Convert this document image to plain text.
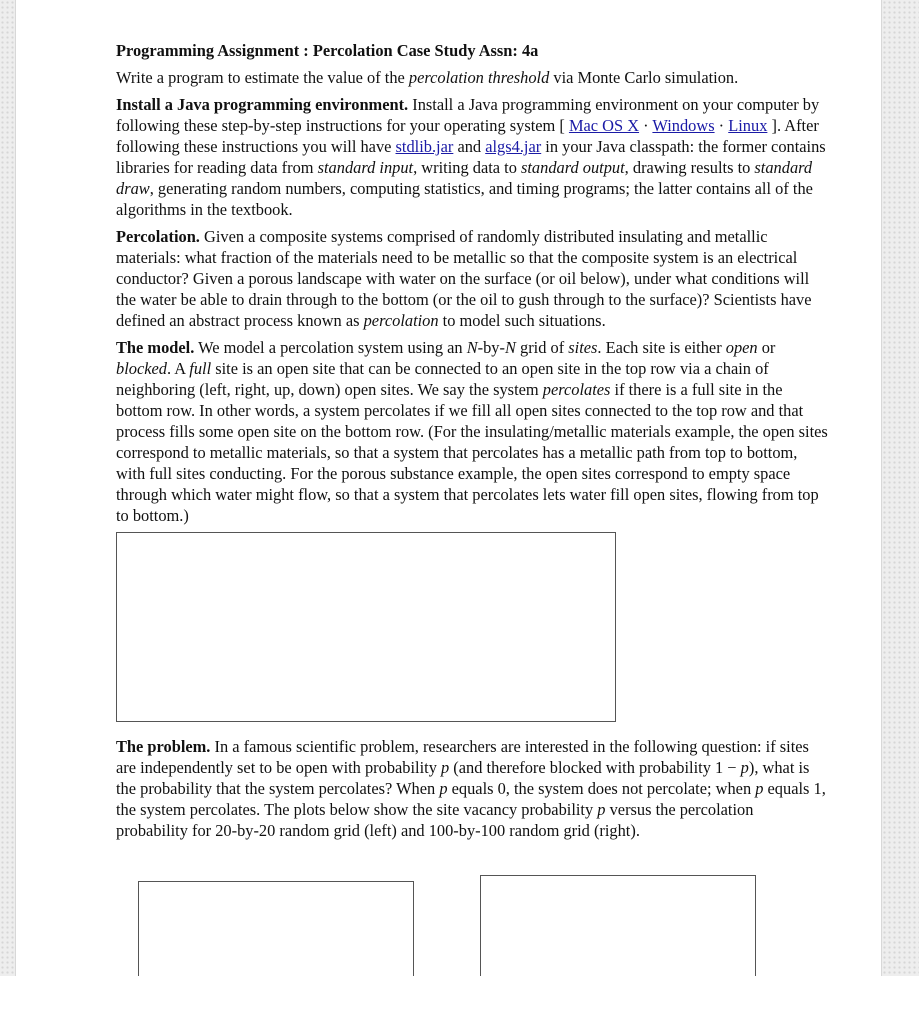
Programming Assignment : Percolation Case Study Assn: 4a

Write a program to estimate the value of the percolation threshold via Monte Carlo simulation.

Install a Java programming environment. Install a Java programming environment on your computer by following these step-by-step instructions for your operating system [ Mac OS X · Windows · Linux ]. After following these instructions you will have stdlib.jar and algs4.jar in your Java classpath: the former contains libraries for reading data from standard input, writing data to standard output, drawing results to standard draw, generating random numbers, computing statistics, and timing programs; the latter contains all of the algorithms in the textbook.

Percolation. Given a composite systems comprised of randomly distributed insulating and metallic materials: what fraction of the materials need to be metallic so that the composite system is an electrical conductor? Given a porous landscape with water on the surface (or oil below), under what conditions will the water be able to drain through to the bottom (or the oil to gush through to the surface)? Scientists have defined an abstract process known as percolation to model such situations.

The model. We model a percolation system using an N-by-N grid of sites. Each site is either open or blocked. A full site is an open site that can be connected to an open site in the top row via a chain of neighboring (left, right, up, down) open sites. We say the system percolates if there is a full site in the bottom row. In other words, a system percolates if we fill all open sites connected to the top row and that process fills some open site on the bottom row. (For the insulating/metallic materials example, the open sites correspond to metallic materials, so that a system that percolates has a metallic path from top to bottom, with full sites conducting. For the porous substance example, the open sites correspond to empty space through which water might flow, so that a system that percolates lets water fill open sites, flowing from top to bottom.)

The problem. In a famous scientific problem, researchers are interested in the following question: if sites are independently set to be open with probability p (and therefore blocked with probability 1 − p), what is the probability that the system percolates? When p equals 0, the system does not percolate; when p equals 1, the system percolates. The plots below show the site vacancy probability p versus the percolation probability for 20-by-20 random grid (left) and 100-by-100 random grid (right).
